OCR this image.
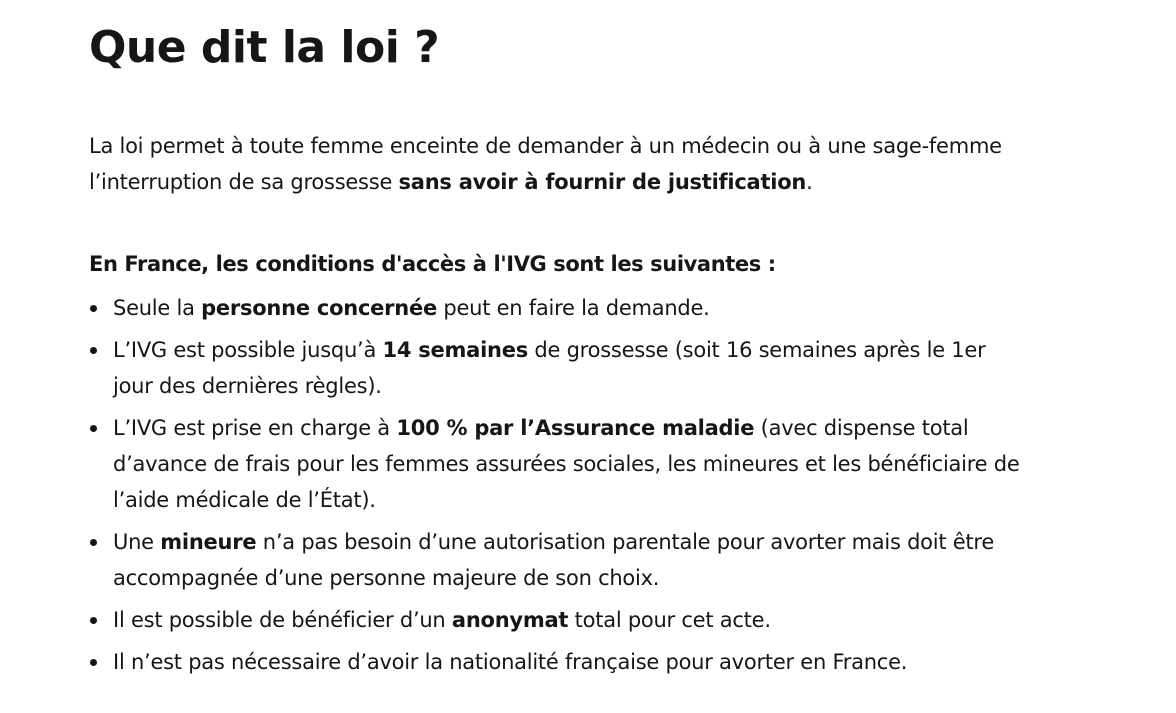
Que dit la loi ?

La loi permet à toute femme enceinte de demander à un médecin ou à une sage-femme l’interruption de sa grossesse sans avoir à fournir de justification.

En France, les conditions d'accès à l'IVG sont les suivantes :

Seule la personne concernée peut en faire la demande.
L’IVG est possible jusqu’à 14 semaines de grossesse (soit 16 semaines après le 1er jour des dernières règles).
L’IVG est prise en charge à 100 % par l’Assurance maladie (avec dispense total d’avance de frais pour les femmes assurées sociales, les mineures et les bénéficiaire de l’aide médicale de l’État).
Une mineure n’a pas besoin d’une autorisation parentale pour avorter mais doit être accompagnée d’une personne majeure de son choix.
Il est possible de bénéficier d’un anonymat total pour cet acte.
Il n’est pas nécessaire d’avoir la nationalité française pour avorter en France.
